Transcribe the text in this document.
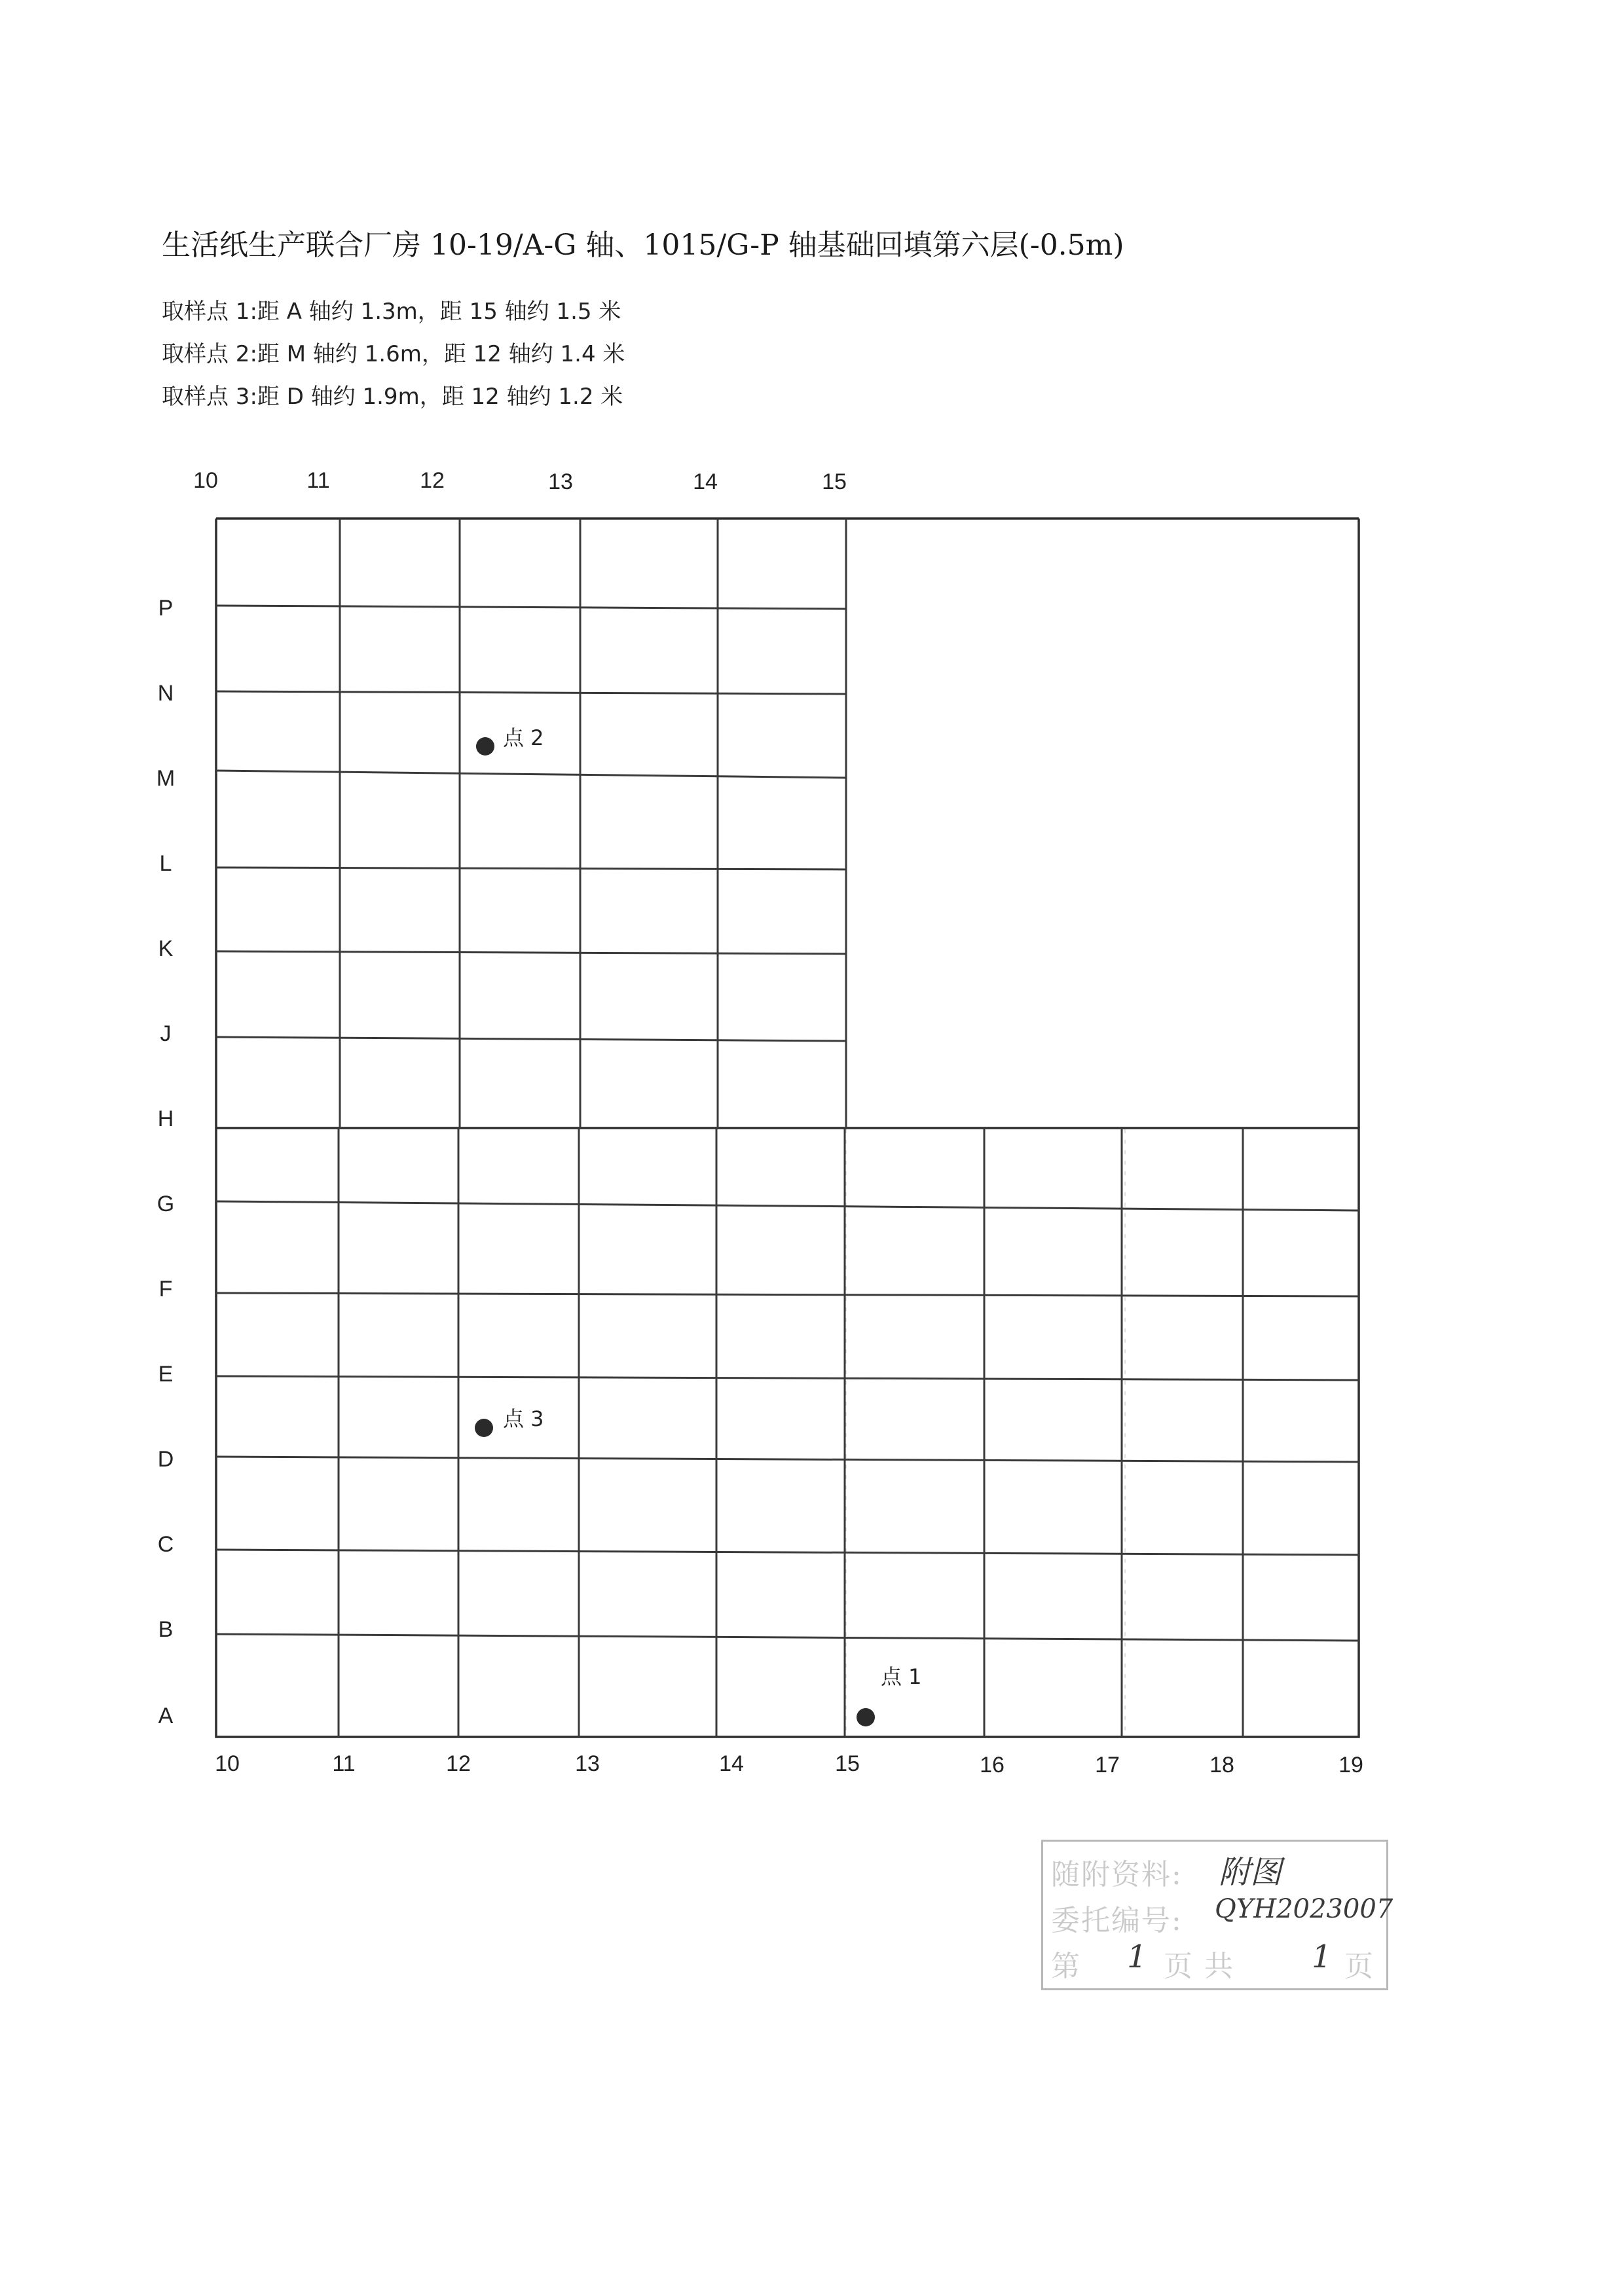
生活纸生产联合厂房 10-19/A-G 轴、1015/G-P 轴基础回填第六层(-0.5m)
取样点 1:距 A 轴约 1.3m，距 15 轴约 1.5 米
取样点 2:距 M 轴约 1.6m，距 12 轴约 1.4 米
取样点 3:距 D 轴约 1.9m，距 12 轴约 1.2 米
10	11	12	13	14	15
10	11	12	13	14	15	16	17	18	19
P
N
M
L
K
J
H
G
F
E
D
C
B
A
点 1
点 2
点 3
随附资料: 附图
委托编号: QYH2023007
第 1 页 共 1 页
